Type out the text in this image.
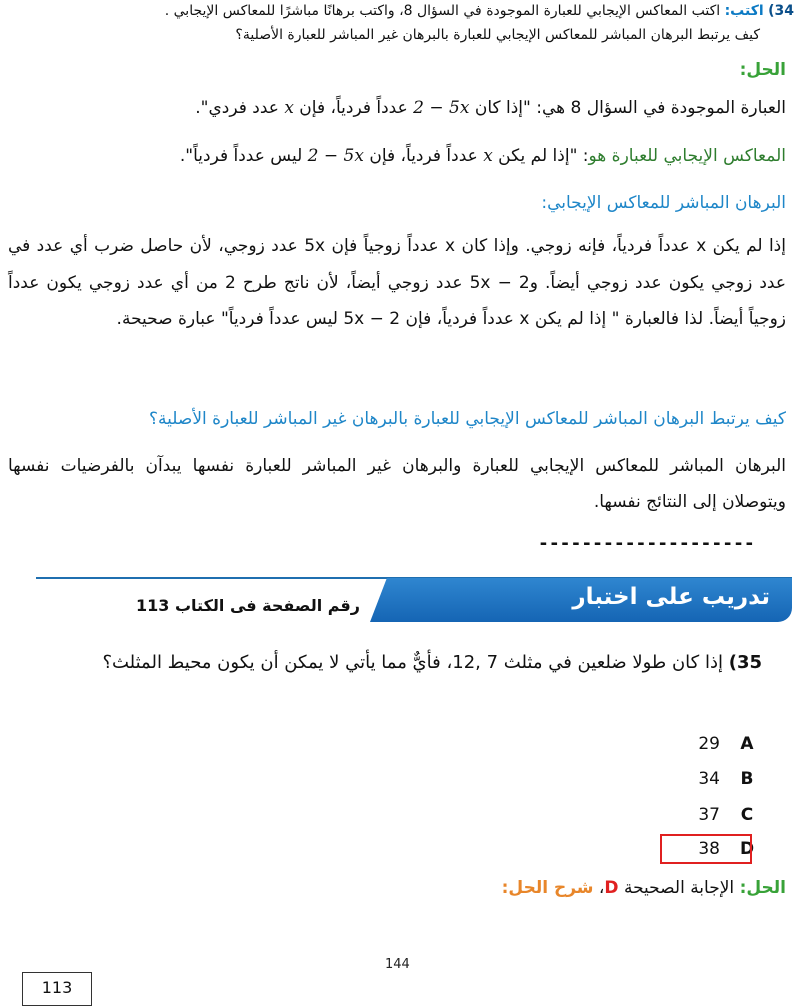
34) اكتب: اكتب المعاكس الإيجابي للعبارة الموجودة في السؤال 8، واكتب برهانًا مباشرًا للمعاكس الإيجابي .
كيف يرتبط البرهان المباشر للمعاكس الإيجابي للعبارة بالبرهان غير المباشر للعبارة الأصلية؟
الحل:
العبارة الموجودة في السؤال 8 هي: "إذا كان 2 − 5x عدداً فردياً، فإن x عدد فردي".
المعاكس الإيجابي للعبارة هو: "إذا لم يكن x عدداً فردياً، فإن 2 − 5x ليس عدداً فردياً".
البرهان المباشر للمعاكس الإيجابي:
إذا لم يكن x عدداً فردياً، فإنه زوجي. وإذا كان x عدداً زوجياً فإن 5x عدد زوجي، لأن حاصل ضرب أي عدد في عدد زوجي يكون عدد زوجي أيضاً. و2 − 5x عدد زوجي أيضاً، لأن ناتج طرح 2 من أي عدد زوجي يكون عدداً زوجياً أيضاً. لذا فالعبارة " إذا لم يكن x عدداً فردياً، فإن 2 − 5x ليس عدداً فردياً" عبارة صحيحة.
كيف يرتبط البرهان المباشر للمعاكس الإيجابي للعبارة بالبرهان غير المباشر للعبارة الأصلية؟
البرهان المباشر للمعاكس الإيجابي للعبارة والبرهان غير المباشر للعبارة نفسها يبدآن بالفرضيات نفسها ويتوصلان إلى النتائج نفسها.
--------------------
تدريب على اختبار
رقم الصفحة فى الكتاب 113
35) إذا كان طولا ضلعين في مثلث 7 ,12، فأيٌّ مما يأتي لا يمكن أن يكون محيط المثلث؟
29 A
34 B
37 C
38 D
الحل: الإجابة الصحيحة D، شرح الحل:
144
113
